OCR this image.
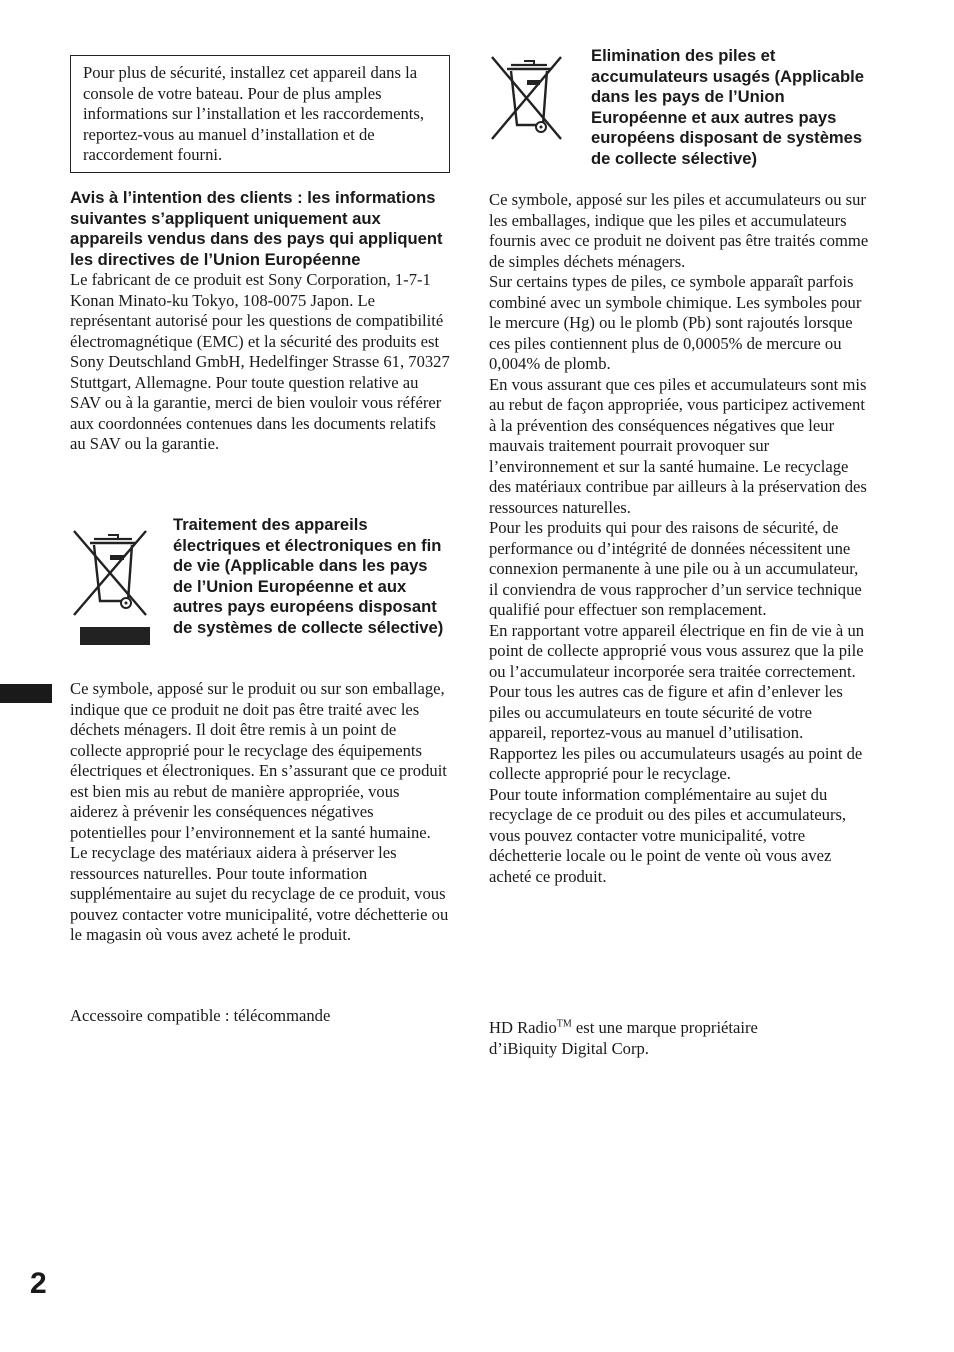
Pour plus de sécurité, installez cet appareil dans la console de votre bateau. Pour de plus amples informations sur l’installation et les raccordements, reportez-vous au manuel d’installation et de raccordement fourni.
Avis à l’intention des clients : les informations suivantes s’appliquent uniquement aux appareils vendus dans des pays qui appliquent les directives de l’Union Européenne
Le fabricant de ce produit est Sony Corporation, 1-7-1 Konan Minato-ku Tokyo, 108-0075 Japon. Le représentant autorisé pour les questions de compatibilité électromagnétique (EMC) et la sécurité des produits est Sony Deutschland GmbH, Hedelfinger Strasse 61, 70327 Stuttgart, Allemagne. Pour toute question relative au SAV ou à la garantie, merci de bien vouloir vous référer aux coordonnées contenues dans les documents relatifs au SAV ou la garantie.
Traitement des appareils électriques et électroniques en fin de vie (Applicable dans les pays de l’Union Européenne et aux autres pays européens disposant de systèmes de collecte sélective)
Ce symbole, apposé sur le produit ou sur son emballage, indique que ce produit ne doit pas être traité avec les déchets ménagers. Il doit être remis à un point de collecte approprié pour le recyclage des équipements électriques et électroniques. En s’assurant que ce produit est bien mis au rebut de manière appropriée, vous aiderez à prévenir les conséquences négatives potentielles pour l’environnement et la santé humaine. Le recyclage des matériaux aidera à préserver les ressources naturelles. Pour toute information supplémentaire au sujet du recyclage de ce produit, vous pouvez contacter votre municipalité, votre déchetterie ou le magasin où vous avez acheté le produit.
Accessoire compatible : télécommande
Elimination des piles et accumulateurs usagés (Applicable dans les pays de l’Union Européenne et aux autres pays européens disposant de systèmes de collecte sélective)

Ce symbole, apposé sur les piles et accumulateurs ou sur les emballages, indique que les piles et accumulateurs fournis avec ce produit ne doivent pas être traités comme de simples déchets ménagers.

Sur certains types de piles, ce symbole apparaît parfois combiné avec un symbole chimique. Les symboles pour le mercure (Hg) ou le plomb (Pb) sont rajoutés lorsque ces piles contiennent plus de 0,0005% de mercure ou 0,004% de plomb.

En vous assurant que ces piles et accumulateurs sont mis au rebut de façon appropriée, vous participez activement à la prévention des conséquences négatives que leur mauvais traitement pourrait provoquer sur l’environnement et sur la santé humaine. Le recyclage des matériaux contribue par ailleurs à la préservation des ressources naturelles.

Pour les produits qui pour des raisons de sécurité, de performance ou d’intégrité de données nécessitent une connexion permanente à une pile ou à un accumulateur, il conviendra de vous rapprocher d’un service technique qualifié pour effectuer son remplacement.

En rapportant votre appareil électrique en fin de vie à un point de collecte approprié vous vous assurez que la pile ou l’accumulateur incorporée sera traitée correctement.

Pour tous les autres cas de figure et afin d’enlever les piles ou accumulateurs en toute sécurité de votre appareil, reportez-vous au manuel d’utilisation. Rapportez les piles ou accumulateurs usagés au point de collecte approprié pour le recyclage.

Pour toute information complémentaire au sujet du recyclage de ce produit ou des piles et accumulateurs, vous pouvez contacter votre municipalité, votre déchetterie locale ou le point de vente où vous avez acheté ce produit.

HD Radio™ est une marque propriétaire
d’iBiquity Digital Corp.
2
